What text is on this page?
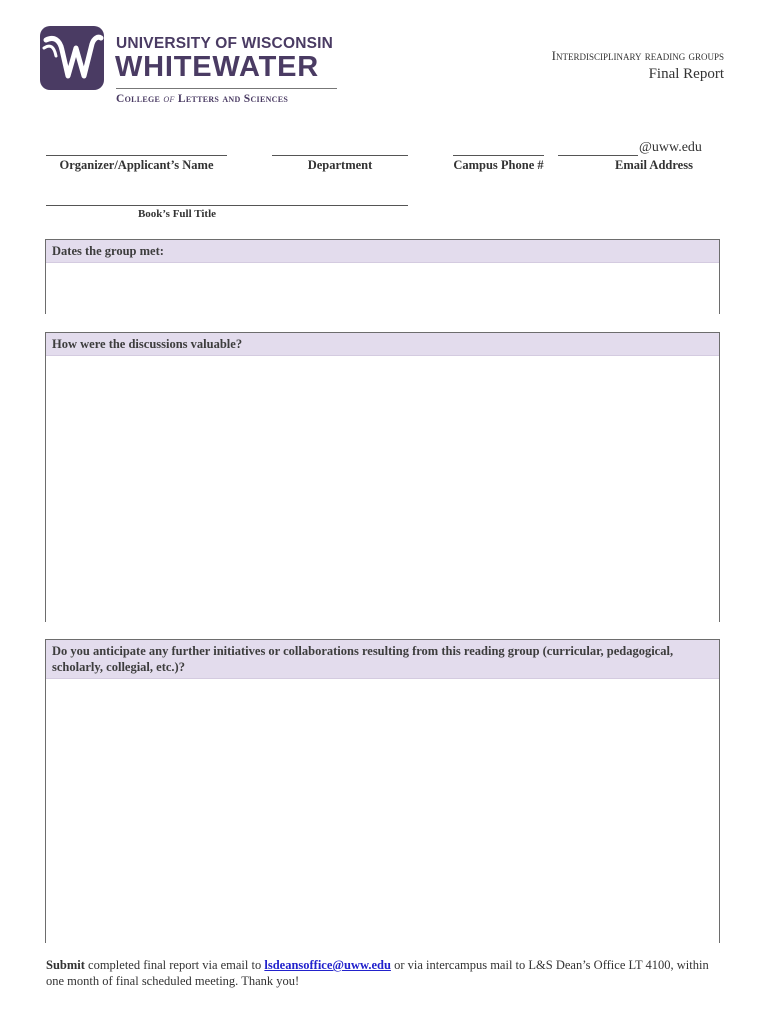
UNIVERSITY OF WISCONSIN
WHITEWATER
College of Letters and Sciences
Interdisciplinary reading groups
Final Report
Organizer/Applicant’s Name	Department	Campus Phone #
@uww.edu
Email Address
Book’s Full Title
Dates the group met:
How were the discussions valuable?
Do you anticipate any further initiatives or collaborations resulting from this reading group (curricular, pedagogical, scholarly, collegial, etc.)?
Submit completed final report via email to lsdeansoffice@uww.edu or via intercampus mail to L&S Dean’s Office LT 4100, within one month of final scheduled meeting. Thank you!
